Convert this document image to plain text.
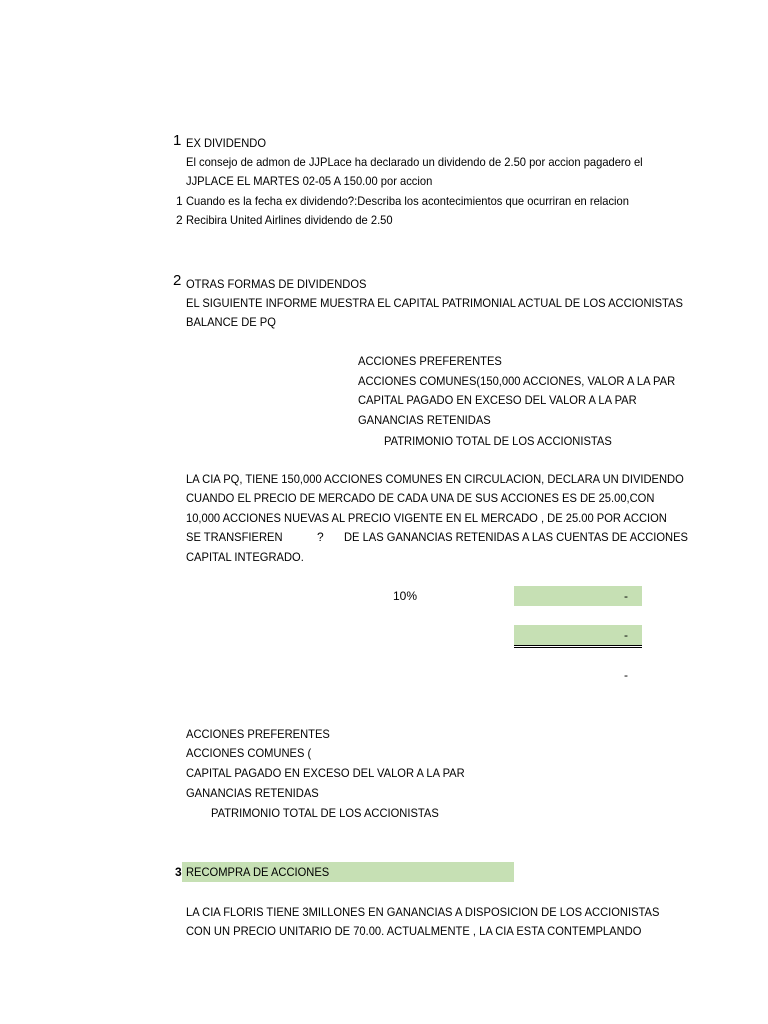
1 EX DIVIDENDO
El consejo de admon de JJPLace ha declarado un dividendo de 2.50 por accion pagadero el
JJPLACE EL MARTES 02-05 A 150.00 por accion
1 Cuando es la fecha ex dividendo?:Describa los acontecimientos que ocurriran en relacion
2 Recibira United Airlines dividendo de 2.50
2 OTRAS FORMAS DE DIVIDENDOS
EL SIGUIENTE INFORME MUESTRA EL CAPITAL PATRIMONIAL ACTUAL DE LOS ACCIONISTAS
BALANCE DE PQ
ACCIONES PREFERENTES
ACCIONES COMUNES(150,000 ACCIONES, VALOR A LA PAR
CAPITAL PAGADO EN EXCESO DEL VALOR A LA PAR
GANANCIAS RETENIDAS
PATRIMONIO TOTAL DE LOS ACCIONISTAS
LA CIA PQ, TIENE 150,000 ACCIONES COMUNES EN CIRCULACION, DECLARA UN DIVIDENDO
CUANDO EL PRECIO DE MERCADO DE CADA UNA DE SUS ACCIONES ES DE 25.00,CON
10,000 ACCIONES NUEVAS AL PRECIO VIGENTE EN EL MERCADO , DE 25.00 POR ACCION
SE TRANSFIEREN	? DE LAS GANANCIAS RETENIDAS A LAS CUENTAS DE ACCIONES
CAPITAL INTEGRADO.
10%	-
-
-
ACCIONES PREFERENTES
ACCIONES COMUNES (
CAPITAL PAGADO EN EXCESO DEL VALOR A LA PAR
GANANCIAS RETENIDAS
PATRIMONIO TOTAL DE LOS ACCIONISTAS
3 RECOMPRA DE ACCIONES
LA CIA FLORIS TIENE 3MILLONES EN GANANCIAS A DISPOSICION DE LOS ACCIONISTAS
CON UN PRECIO UNITARIO DE 70.00. ACTUALMENTE , LA CIA ESTA CONTEMPLANDO
